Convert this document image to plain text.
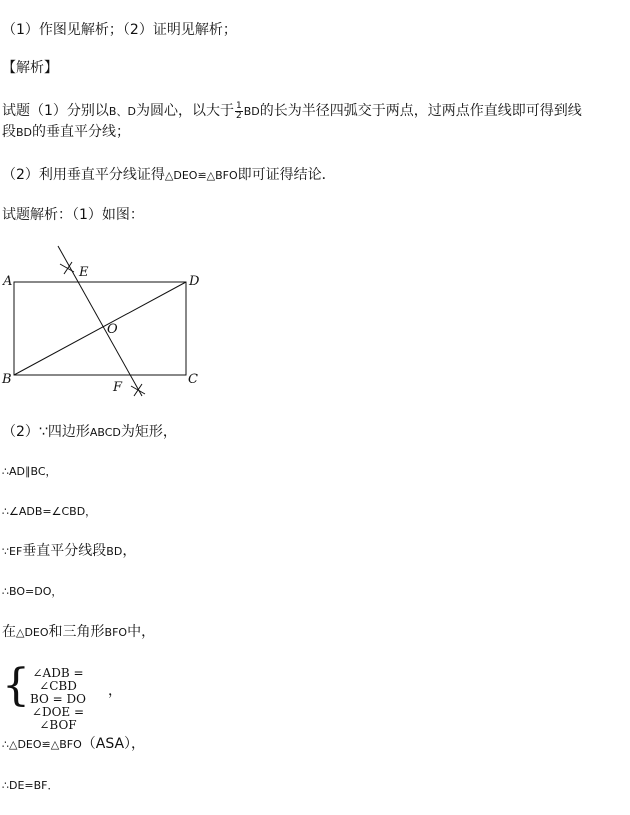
（1）作图见解析；（2）证明见解析；
【解析】
试题（1）分别以B、D为圆心，以大于 $\frac{1}{2}$ BD的长为半径四弧交于两点，过两点作直线即可得到线
段BD的垂直平分线；
（2）利用垂直平分线证得△DEO≌△BFO即可证得结论．
试题解析：（1）如图：
A	D
B	C
E
O
F
（2）∵四边形ABCD为矩形，
∴AD∥BC，
∴∠ADB=∠CBD，
∵EF垂直平分线段BD，
∴BO=DO，
在△DEO和三角形BFO中，
{ ∠ADB = ∠CBD
BO = DO
∠DOE = ∠BOF
，
∴△DEO≌△BFO（ASA），
∴DE=BF．
